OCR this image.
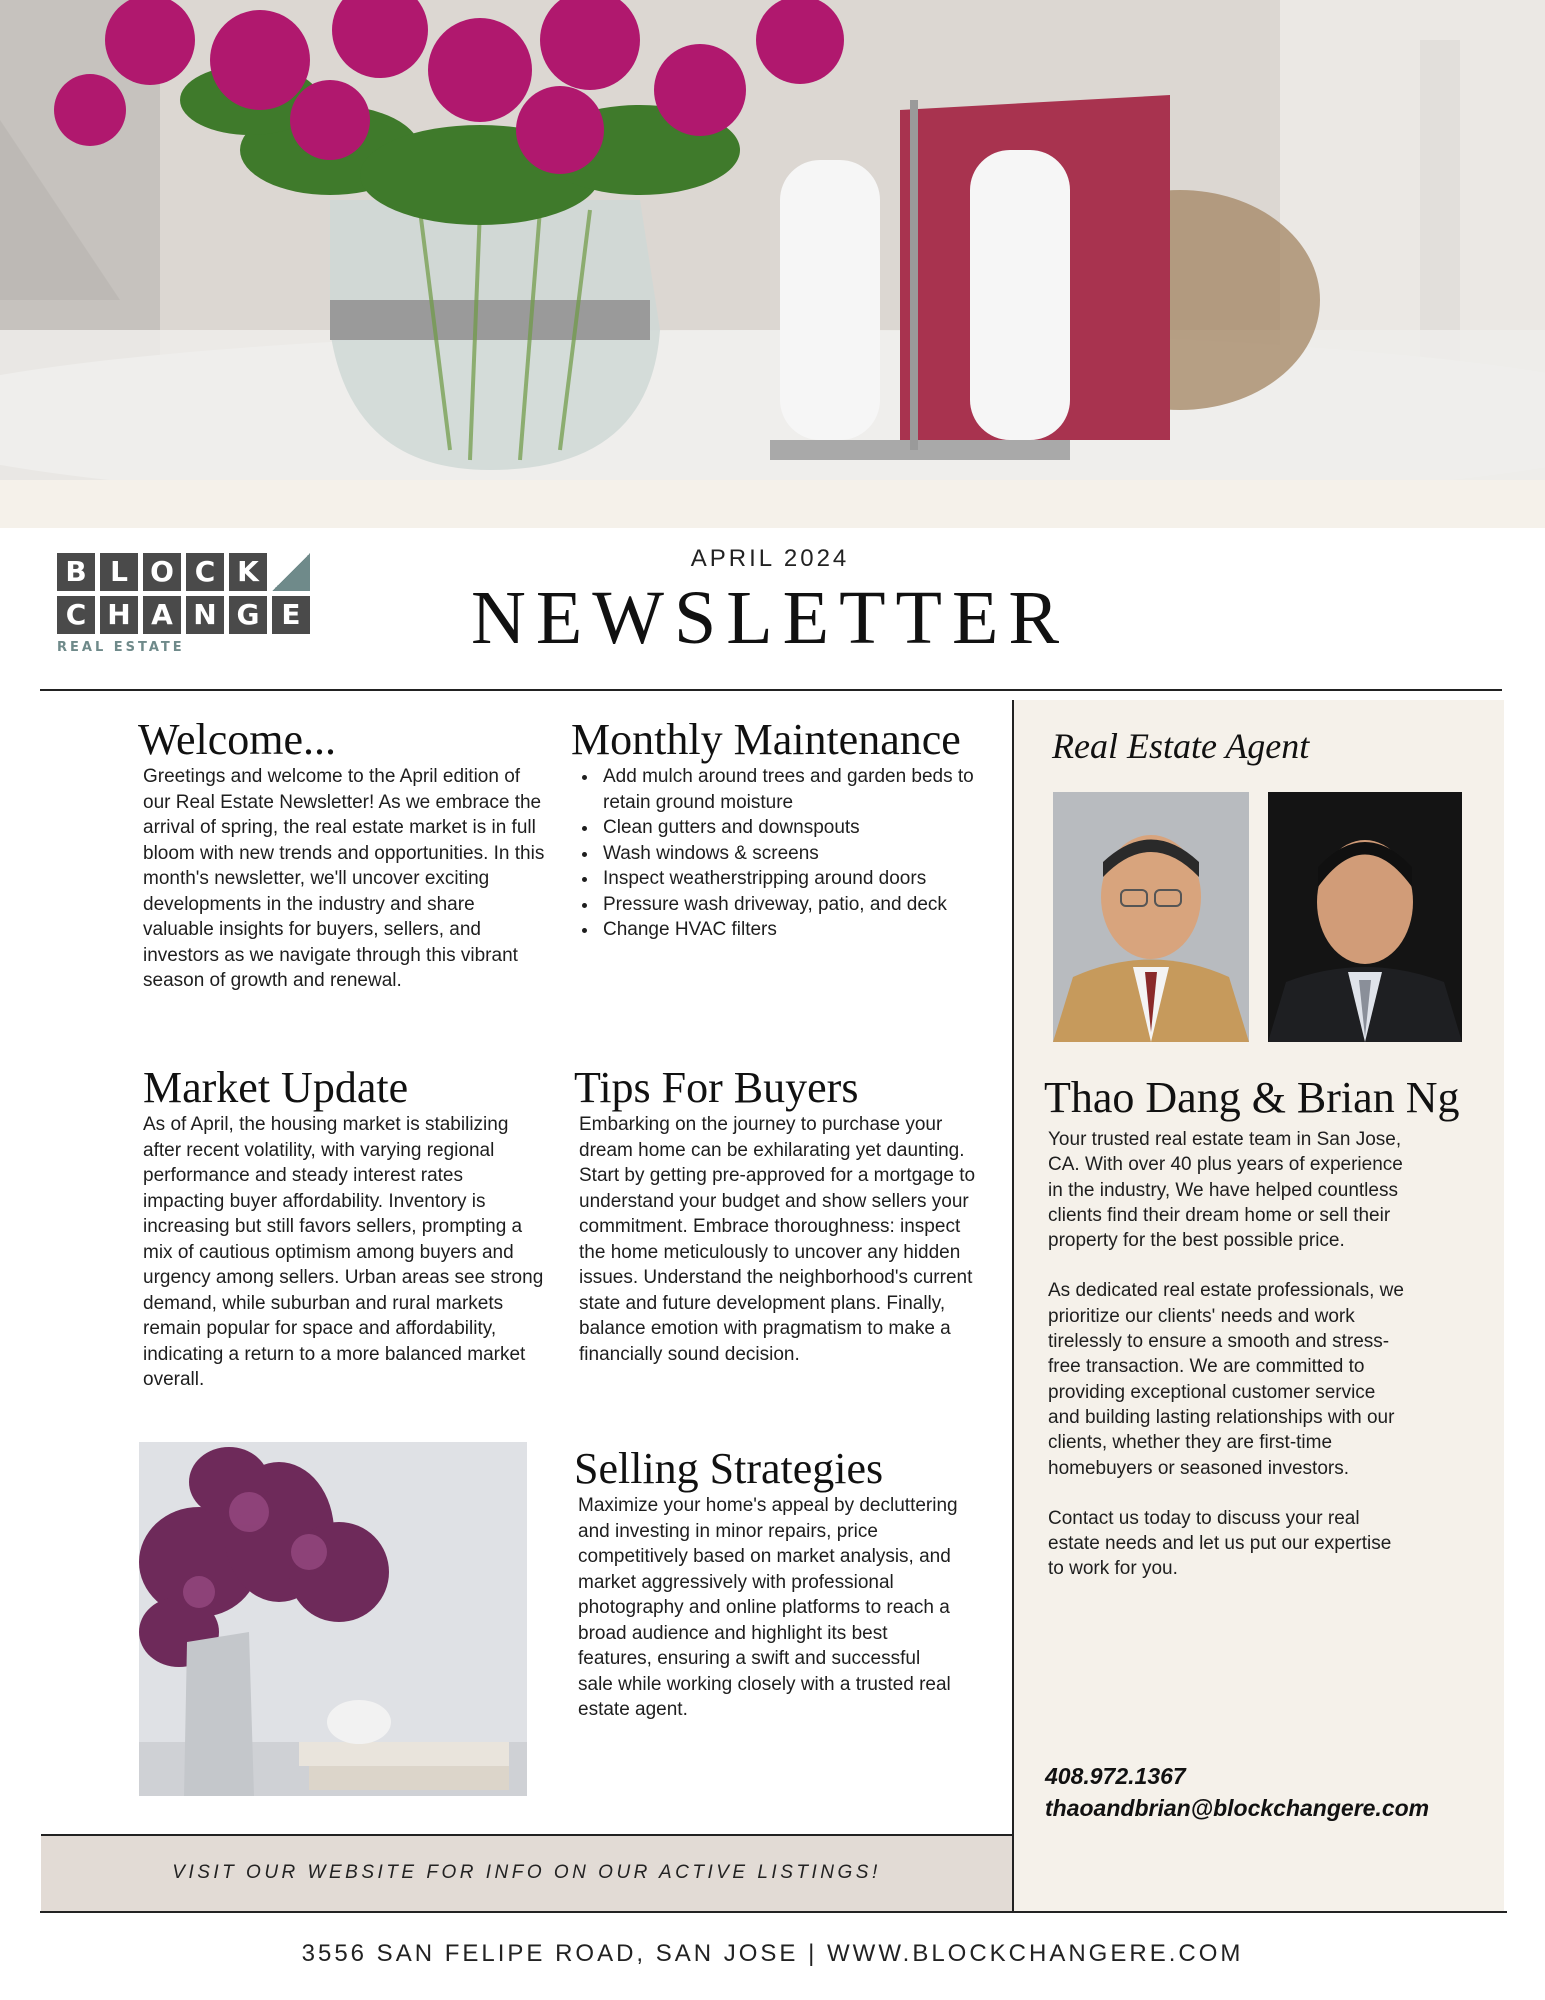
B L O C K
C H A N G E
REAL ESTATE
APRIL 2024
NEWSLETTER
Welcome...

Greetings and welcome to the April edition of our Real Estate Newsletter! As we embrace the arrival of spring, the real estate market is in full bloom with new trends and opportunities. In this month's newsletter, we'll uncover exciting developments in the industry and share valuable insights for buyers, sellers, and investors as we navigate through this vibrant season of growth and renewal.

Monthly Maintenance
• Add mulch around trees and garden beds to retain ground moisture
• Clean gutters and downspouts
• Wash windows & screens
• Inspect weatherstripping around doors
• Pressure wash driveway, patio, and deck
• Change HVAC filters
Market Update

As of April, the housing market is stabilizing after recent volatility, with varying regional performance and steady interest rates impacting buyer affordability. Inventory is increasing but still favors sellers, prompting a mix of cautious optimism among buyers and urgency among sellers. Urban areas see strong demand, while suburban and rural markets remain popular for space and affordability, indicating a return to a more balanced market overall.

Tips For Buyers

Embarking on the journey to purchase your dream home can be exhilarating yet daunting. Start by getting pre-approved for a mortgage to understand your budget and show sellers your commitment. Embrace thoroughness: inspect the home meticulously to uncover any hidden issues. Understand the neighborhood's current state and future development plans. Finally, balance emotion with pragmatism to make a financially sound decision.

Selling Strategies

Maximize your home's appeal by decluttering and investing in minor repairs, price competitively based on market analysis, and market aggressively with professional photography and online platforms to reach a broad audience and highlight its best features, ensuring a swift and successful sale while working closely with a trusted real estate agent.

Real Estate Agent
Thao Dang & Brian Ng

Your trusted real estate team in San Jose, CA. With over 40 plus years of experience in the industry, We have helped countless clients find their dream home or sell their property for the best possible price.

As dedicated real estate professionals, we prioritize our clients' needs and work tirelessly to ensure a smooth and stress-free transaction. We are committed to providing exceptional customer service and building lasting relationships with our clients, whether they are first-time homebuyers or seasoned investors.

Contact us today to discuss your real estate needs and let us put our expertise to work for you.

408.972.1367
thaoandbrian@blockchangere.com
VISIT OUR WEBSITE FOR INFO ON OUR ACTIVE LISTINGS!
3556 SAN FELIPE ROAD, SAN JOSE | WWW.BLOCKCHANGERE.COM
